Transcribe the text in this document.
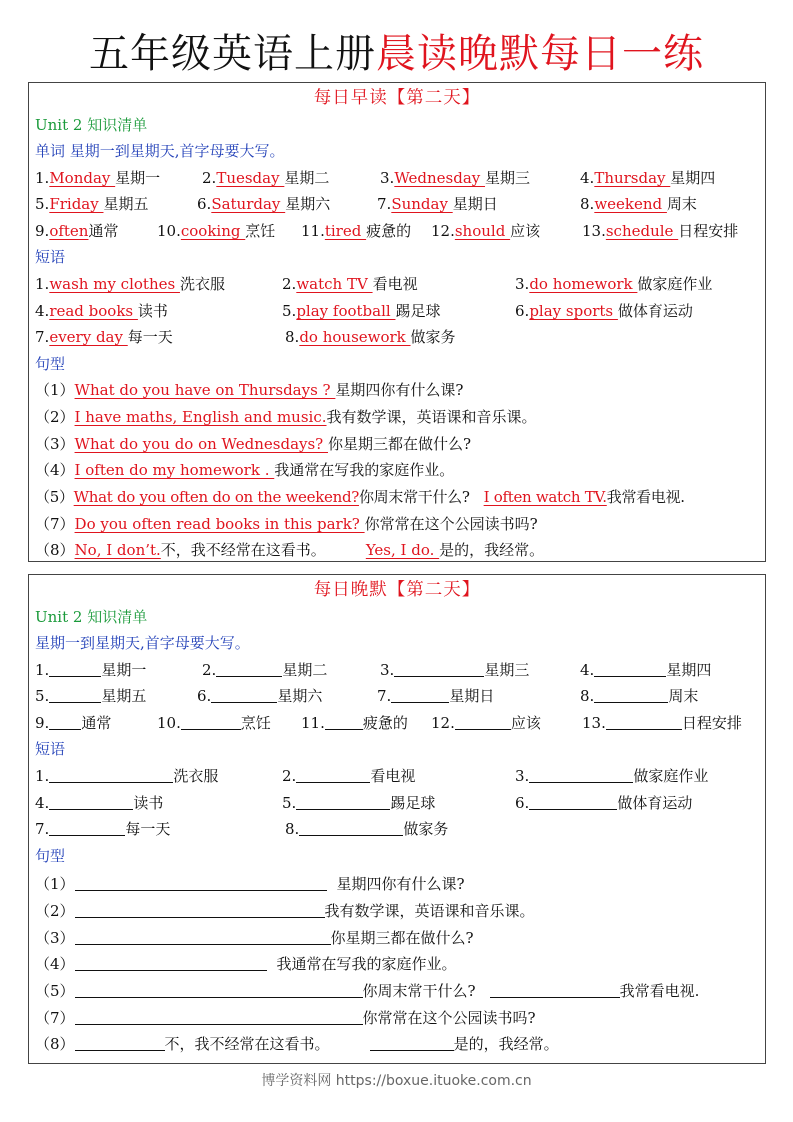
五年级英语上册晨读晚默每日一练
每日早读【第二天】
Unit 2 知识清单
单词 星期一到星期天,首字母要大写。
1.Monday 星期一	2.Tuesday 星期二	3.Wednesday 星期三	4.Thursday 星期四
5.Friday 星期五	6.Saturday 星期六	7.Sunday 星期日	8.weekend 周末
9.often通常	10.cooking 烹饪 11.tired 疲惫的 12.should 应该	13.schedule 日程安排
短语
1.wash my clothes 洗衣服	2.watch TV 看电视	3.do homework 做家庭作业
4.read books 读书	5.play football 踢足球	6.play sports 做体育运动
7.every day 每一天	8.do housework 做家务
句型
（1）What do you have on Thursdays ? 星期四你有什么课?
（2）I have maths, English and music.我有数学课，英语课和音乐课。
（3）What do you do on Wednesdays? 你星期三都在做什么?
（4）I often do my homework . 我通常在写我的家庭作业。
（5）What do you often do on the weekend?你周末常干什么? I often watch TV.我常看电视.
（7）Do you often read books in this park? 你常常在这个公园读书吗?
（8）No, I don’t.不，我不经常在这看书。	Yes, I do. 是的，我经常。
每日晚默【第二天】
Unit 2 知识清单
星期一到星期天,首字母要大写。
1.	星期一	2.	星期二	3.	星期三	4.	星期四
5.	星期五	6.	星期六	7.	星期日	8.	周末
9. 通常	10.	烹饪 11.	疲惫的 12.	应该	13.	日程安排
短语
1.	洗衣服	2.	看电视	3.	做家庭作业
4.	读书	5.	踢足球	6.	做体育运动
7.	每一天	8.	做家务
句型
（1）	星期四你有什么课?
（2）	我有数学课，英语课和音乐课。
（3）	你星期三都在做什么?
（4）	我通常在写我的家庭作业。
（5）	你周末常干什么?	我常看电视.
（7）	你常常在这个公园读书吗?
（8）	不，我不经常在这看书。	是的，我经常。
博学资料网 https://boxue.ituoke.com.cn
